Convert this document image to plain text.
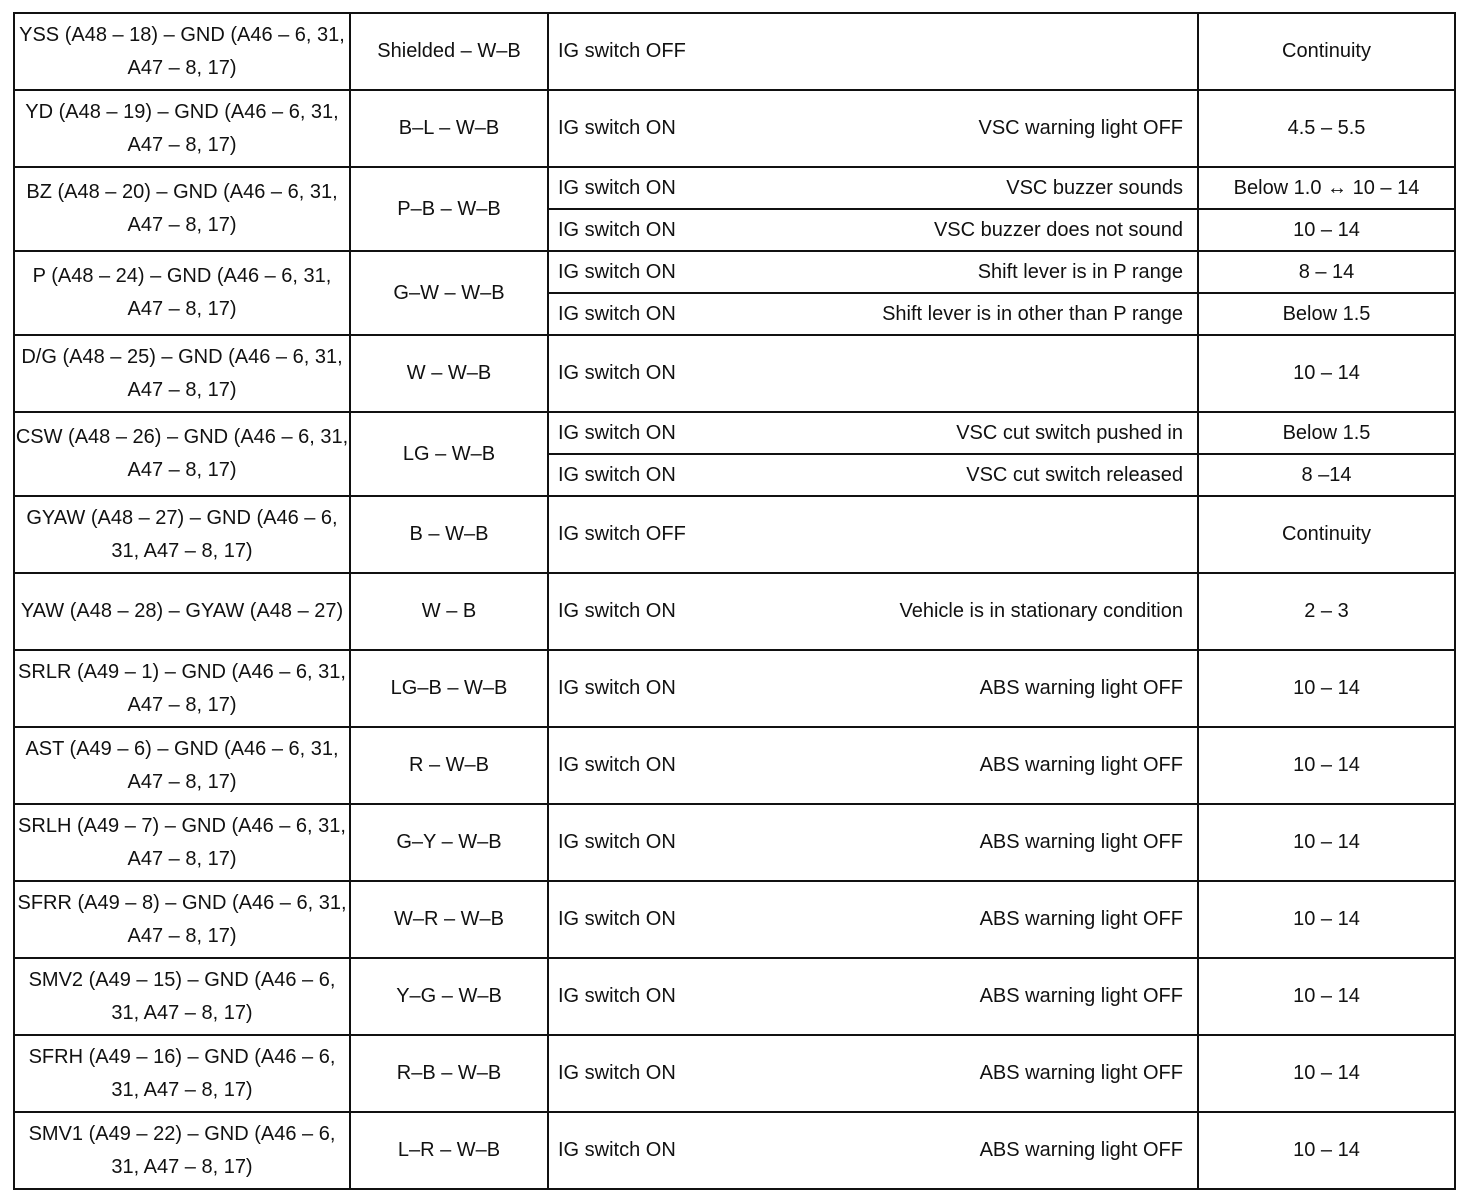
YSS (A48 – 18) – GND (A46 – 6, 31, A47 – 8, 17)	Shielded – W–B	IG switch OFF	Continuity
YD (A48 – 19) – GND (A46 – 6, 31, A47 – 8, 17)	B–L – W–B	IG switch ON VSC warning light OFF	4.5 – 5.5
BZ (A48 – 20) – GND (A46 – 6, 31, A47 – 8, 17)	P–B – W–B	IG switch ON VSC buzzer sounds	Below 1.0 ↔ 10 – 14

		IG switch ON VSC buzzer does not sound	10 – 14
P (A48 – 24) – GND (A46 – 6, 31, A47 – 8, 17)	G–W – W–B	IG switch ON Shift lever is in P range	8 – 14

		IG switch ON Shift lever is in other than P range	Below 1.5
D/G (A48 – 25) – GND (A46 – 6, 31, A47 – 8, 17)	W – W–B	IG switch ON	10 – 14
CSW (A48 – 26) – GND (A46 – 6, 31, A47 – 8, 17)	LG – W–B	IG switch ON VSC cut switch pushed in	Below 1.5

		IG switch ON VSC cut switch released	8 –14
GYAW (A48 – 27) – GND (A46 – 6, 31, A47 – 8, 17)	B – W–B	IG switch OFF	Continuity
YAW (A48 – 28) – GYAW (A48 – 27)	W – B	IG switch ON Vehicle is in stationary condition	2 – 3
SRLR (A49 – 1) – GND (A46 – 6, 31, A47 – 8, 17)	LG–B – W–B	IG switch ON ABS warning light OFF	10 – 14
AST (A49 – 6) – GND (A46 – 6, 31, A47 – 8, 17)	R – W–B	IG switch ON ABS warning light OFF	10 – 14
SRLH (A49 – 7) – GND (A46 – 6, 31, A47 – 8, 17)	G–Y – W–B	IG switch ON ABS warning light OFF	10 – 14
SFRR (A49 – 8) – GND (A46 – 6, 31, A47 – 8, 17)	W–R – W–B	IG switch ON ABS warning light OFF	10 – 14
SMV2 (A49 – 15) – GND (A46 – 6, 31, A47 – 8, 17)	Y–G – W–B	IG switch ON ABS warning light OFF	10 – 14
SFRH (A49 – 16) – GND (A46 – 6, 31, A47 – 8, 17)	R–B – W–B	IG switch ON ABS warning light OFF	10 – 14
SMV1 (A49 – 22) – GND (A46 – 6, 31, A47 – 8, 17)	L–R – W–B	IG switch ON ABS warning light OFF	10 – 14
